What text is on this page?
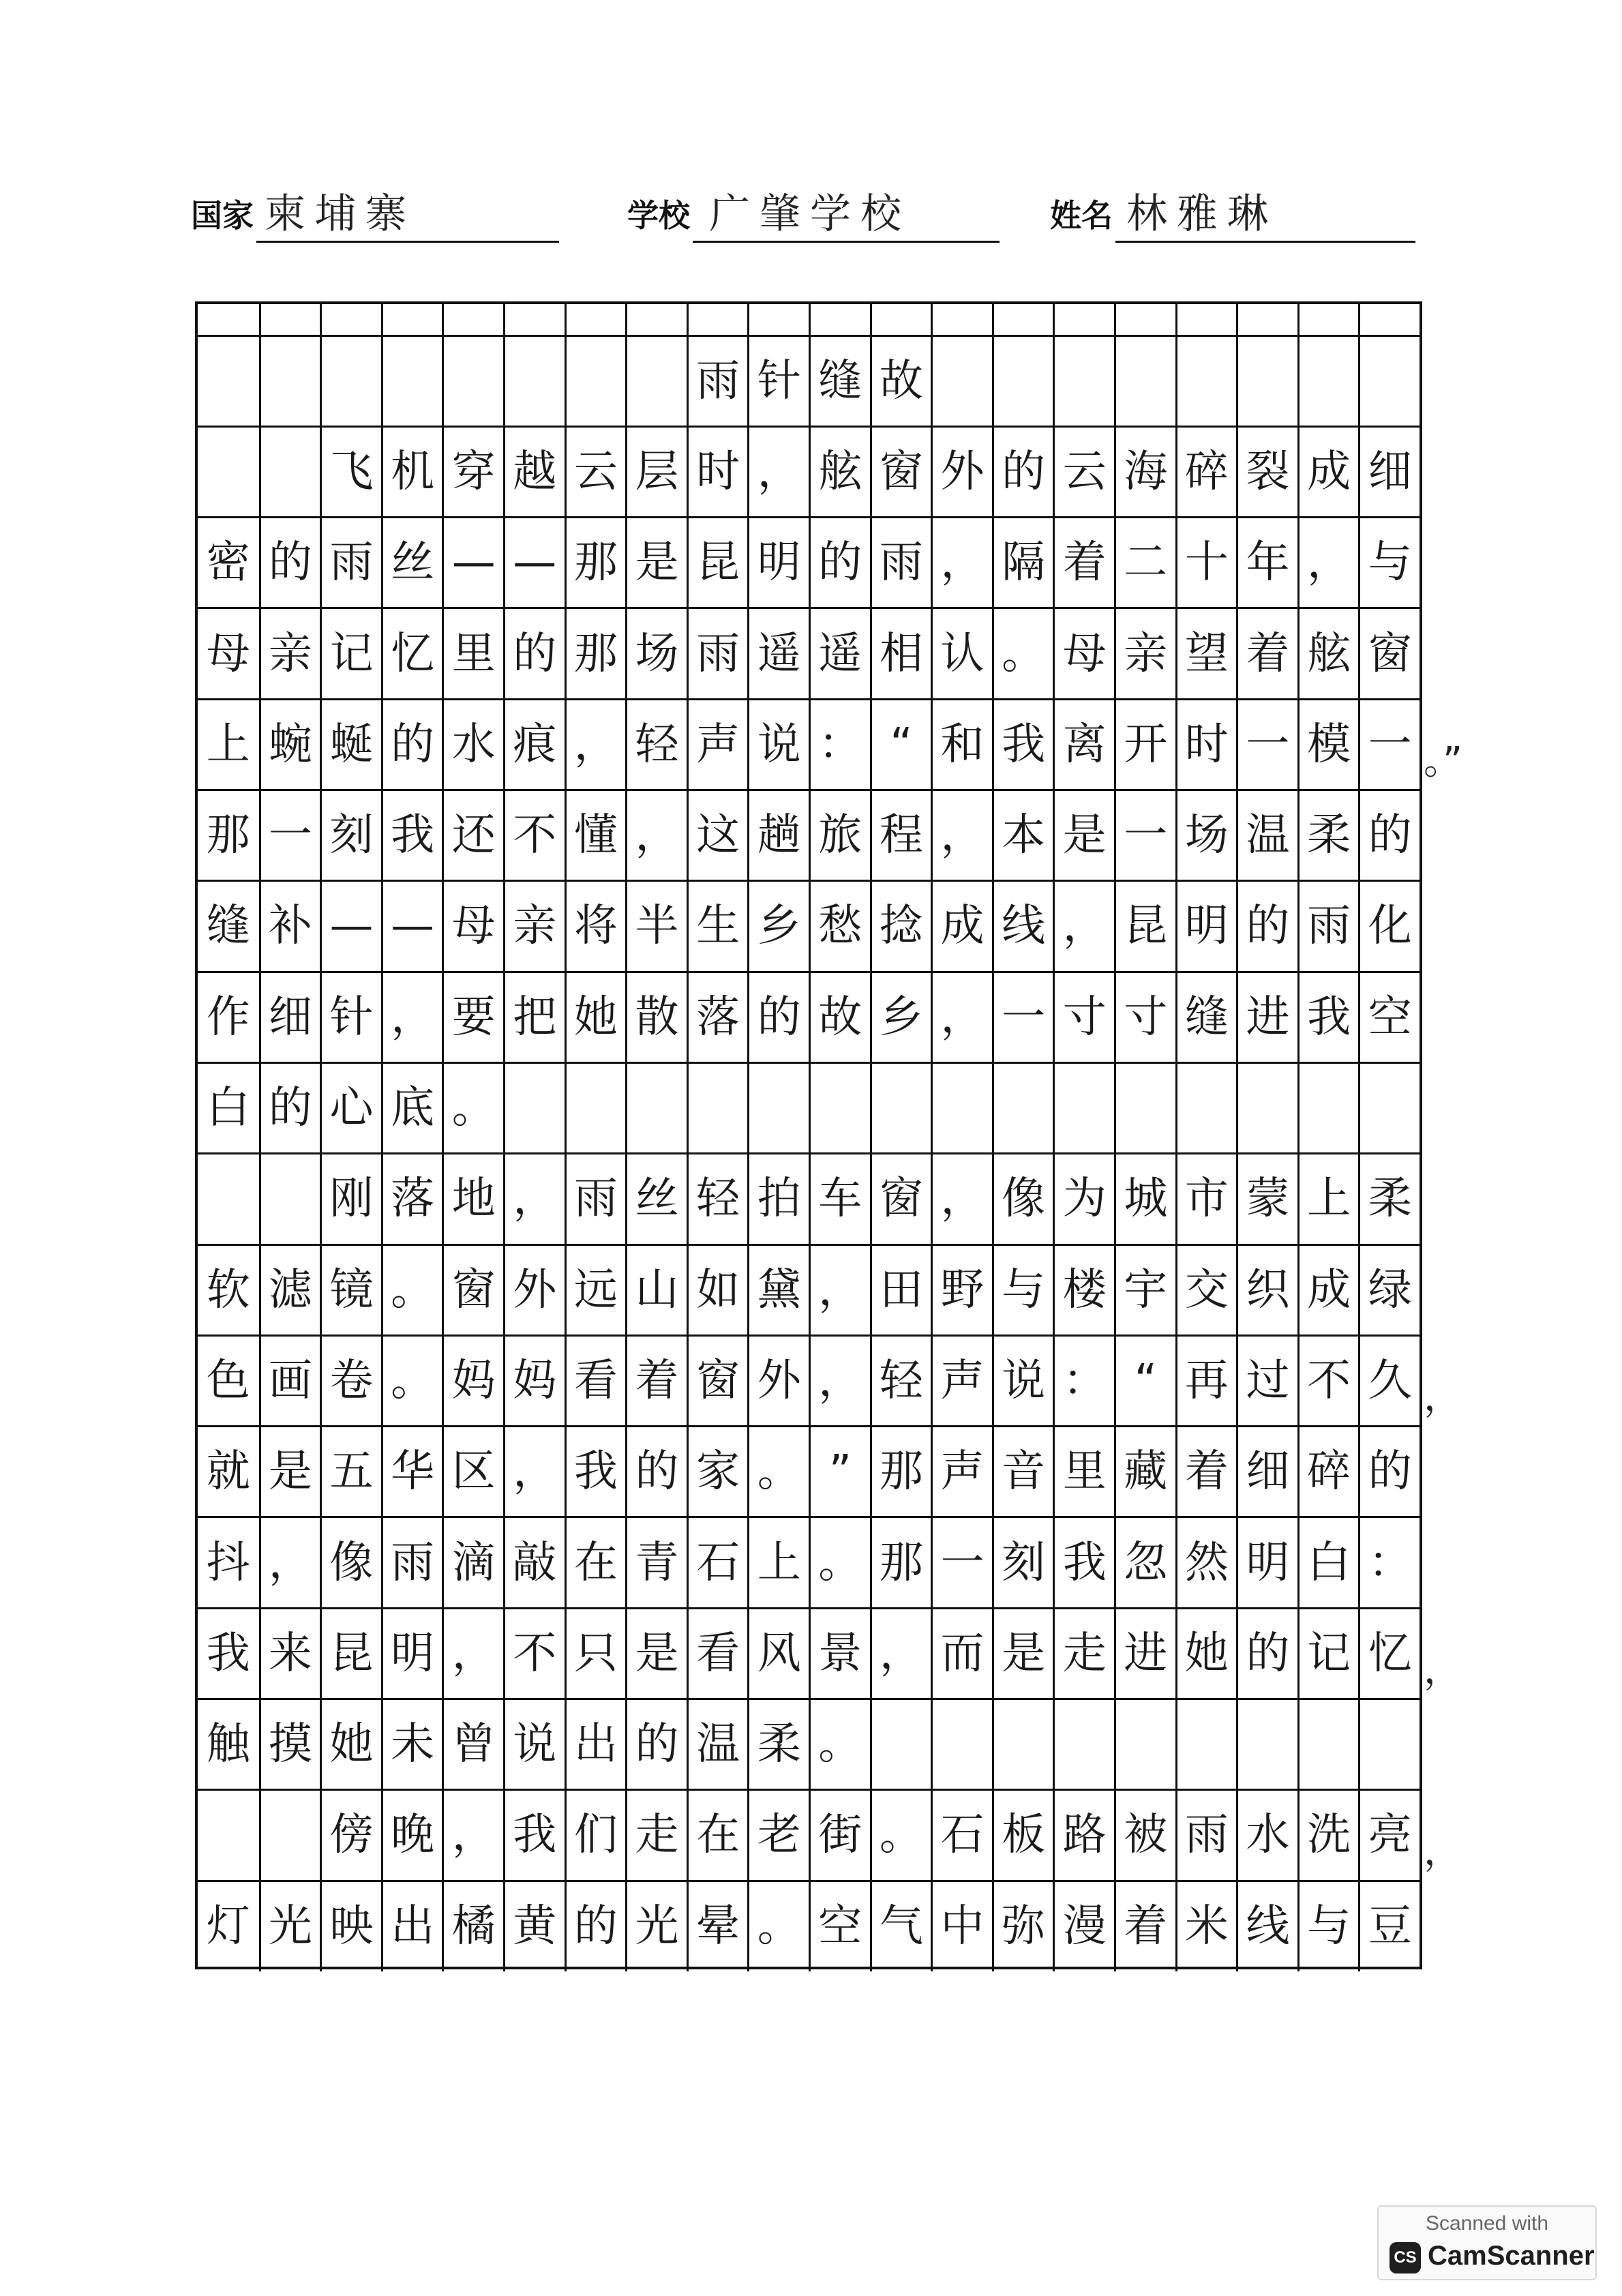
国家 柬埔寨	学校 广肇学校	姓名 林雅琳
雨 针 缝 故
飞 机 穿 越 云 层 时 ， 舷 窗 外 的 云 海 碎 裂 成 细
密 的 雨 丝 — — 那 是 昆 明 的 雨 ， 隔 着 二 十 年 ， 与
母 亲 记 忆 里 的 那 场 雨 遥 遥 相 认 。 母 亲 望 着 舷 窗
上 蜿 蜒 的 水 痕 ， 轻 声 说 ： “ 和 我 离 开 时 一 模 一
那 一 刻 我 还 不 懂 ， 这 趟 旅 程 ， 本 是 一 场 温 柔 的
缝 补 — — 母 亲 将 半 生 乡 愁 捻 成 线 ， 昆 明 的 雨 化
作 细 针 ， 要 把 她 散 落 的 故 乡 ， 一 寸 寸 缝 进 我 空
白 的 心 底 。
刚 落 地 ， 雨 丝 轻 拍 车 窗 ， 像 为 城 市 蒙 上 柔
软 滤 镜 。 窗 外 远 山 如 黛 ， 田 野 与 楼 宇 交 织 成 绿
色 画 卷 。 妈 妈 看 着 窗 外 ， 轻 声 说 ： “ 再 过 不 久
就 是 五 华 区 ， 我 的 家 。 ” 那 声 音 里 藏 着 细 碎 的
抖 ， 像 雨 滴 敲 在 青 石 上 。 那 一 刻 我 忽 然 明 白 ：
我 来 昆 明 ， 不 只 是 看 风 景 ， 而 是 走 进 她 的 记 忆
触 摸 她 未 曾 说 出 的 温 柔 。
傍 晚 ， 我 们 走 在 老 街 。 石 板 路 被 雨 水 洗 亮
灯 光 映 出 橘 黄 的 光 晕 。 空 气 中 弥 漫 着 米 线 与 豆
。”
，
，
，
Scanned with
CS CamScanner
